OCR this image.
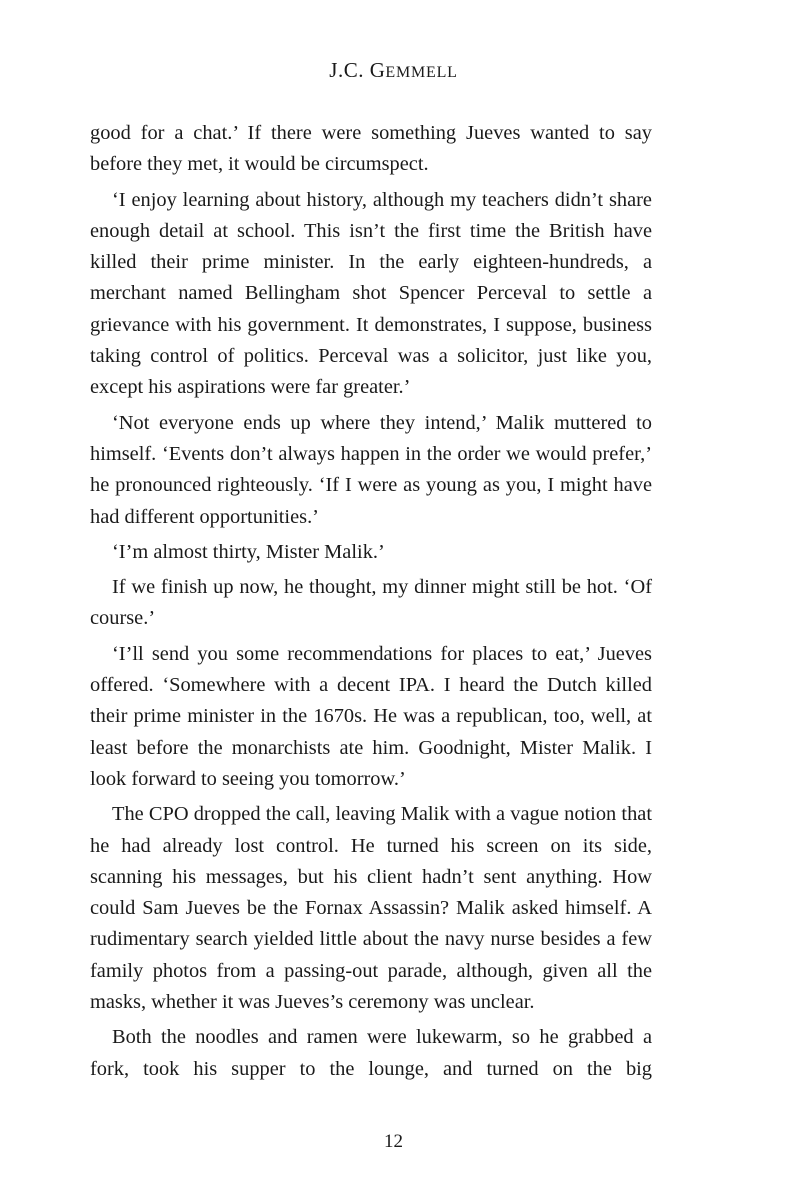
J.C. GEMMELL

good for a chat.’ If there were something Jueves wanted to say before they met, it would be circumspect.

‘I enjoy learning about history, although my teachers didn’t share enough detail at school. This isn’t the first time the British have killed their prime minister. In the early eighteen-hundreds, a merchant named Bellingham shot Spencer Perceval to settle a grievance with his government. It demonstrates, I suppose, business taking control of politics. Perceval was a solicitor, just like you, except his aspirations were far greater.’

‘Not everyone ends up where they intend,’ Malik muttered to himself. ‘Events don’t always happen in the order we would prefer,’ he pronounced righteously. ‘If I were as young as you, I might have had different opportunities.’

‘I’m almost thirty, Mister Malik.’

If we finish up now, he thought, my dinner might still be hot. ‘Of course.’

‘I’ll send you some recommendations for places to eat,’ Jueves offered. ‘Somewhere with a decent IPA. I heard the Dutch killed their prime minister in the 1670s. He was a republican, too, well, at least before the monarchists ate him. Goodnight, Mister Malik. I look forward to seeing you tomorrow.’

The CPO dropped the call, leaving Malik with a vague notion that he had already lost control. He turned his screen on its side, scanning his messages, but his client hadn’t sent anything. How could Sam Jueves be the Fornax Assassin? Malik asked himself. A rudimentary search yielded little about the navy nurse besides a few family photos from a passing-out parade, although, given all the masks, whether it was Jueves’s ceremony was unclear.

Both the noodles and ramen were lukewarm, so he grabbed a fork, took his supper to the lounge, and turned on the big

12
